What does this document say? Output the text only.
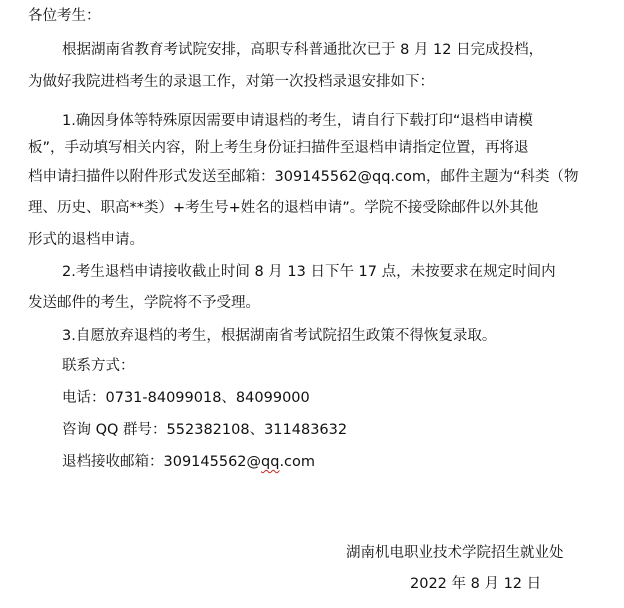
各位考生：
根据湖南省教育考试院安排，高职专科普通批次已于 8 月 12 日完成投档，
为做好我院进档考生的录退工作，对第一次投档录退安排如下：
1.确因身体等特殊原因需要申请退档的考生，请自行下载打印“退档申请模
板”，手动填写相关内容，附上考生身份证扫描件至退档申请指定位置，再将退
档申请扫描件以附件形式发送至邮箱：309145562@qq.com，邮件主题为“科类（物
理、历史、职高**类）+考生号+姓名的退档申请”。学院不接受除邮件以外其他
形式的退档申请。
2.考生退档申请接收截止时间 8 月 13 日下午 17 点，未按要求在规定时间内
发送邮件的考生，学院将不予受理。
3.自愿放弃退档的考生，根据湖南省考试院招生政策不得恢复录取。
联系方式：
电话：0731-84099018、84099000
咨询 QQ 群号：552382108、311483632
退档接收邮箱：309145562@qq.com
湖南机电职业技术学院招生就业处
2022 年 8 月 12 日
